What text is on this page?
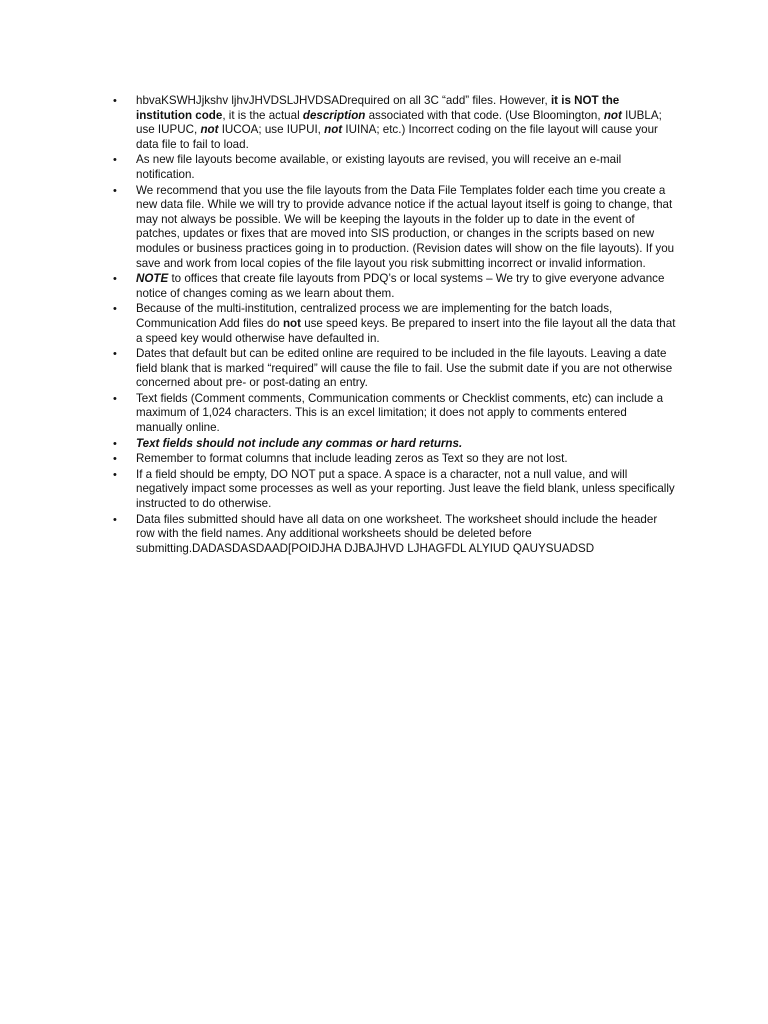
• hbvaKSWHJjkshv ljhvJHVDSLJHVDSADrequired on all 3C “add” files. However, it is NOT the institution code, it is the actual description associated with that code. (Use Bloomington, not IUBLA; use IUPUC, not IUCOA; use IUPUI, not IUINA; etc.) Incorrect coding on the file layout will cause your data file to fail to load.
• As new file layouts become available, or existing layouts are revised, you will receive an e-mail notification.
• We recommend that you use the file layouts from the Data File Templates folder each time you create a new data file. While we will try to provide advance notice if the actual layout itself is going to change, that may not always be possible. We will be keeping the layouts in the folder up to date in the event of patches, updates or fixes that are moved into SIS production, or changes in the scripts based on new modules or business practices going in to production. (Revision dates will show on the file layouts). If you save and work from local copies of the file layout you risk submitting incorrect or invalid information.
• NOTE to offices that create file layouts from PDQ’s or local systems – We try to give everyone advance notice of changes coming as we learn about them.
• Because of the multi-institution, centralized process we are implementing for the batch loads, Communication Add files do not use speed keys. Be prepared to insert into the file layout all the data that a speed key would otherwise have defaulted in.
• Dates that default but can be edited online are required to be included in the file layouts. Leaving a date field blank that is marked “required” will cause the file to fail. Use the submit date if you are not otherwise concerned about pre- or post-dating an entry.
• Text fields (Comment comments, Communication comments or Checklist comments, etc) can include a maximum of 1,024 characters. This is an excel limitation; it does not apply to comments entered manually online.
• Text fields should not include any commas or hard returns.
• Remember to format columns that include leading zeros as Text so they are not lost.
• If a field should be empty, DO NOT put a space. A space is a character, not a null value, and will negatively impact some processes as well as your reporting. Just leave the field blank, unless specifically instructed to do otherwise.
• Data files submitted should have all data on one worksheet. The worksheet should include the header row with the field names. Any additional worksheets should be deleted before submitting.DADASDASDAAD[POIDJHA DJBAJHVD LJHAGFDL ALYIUD QAUYSUADSD
